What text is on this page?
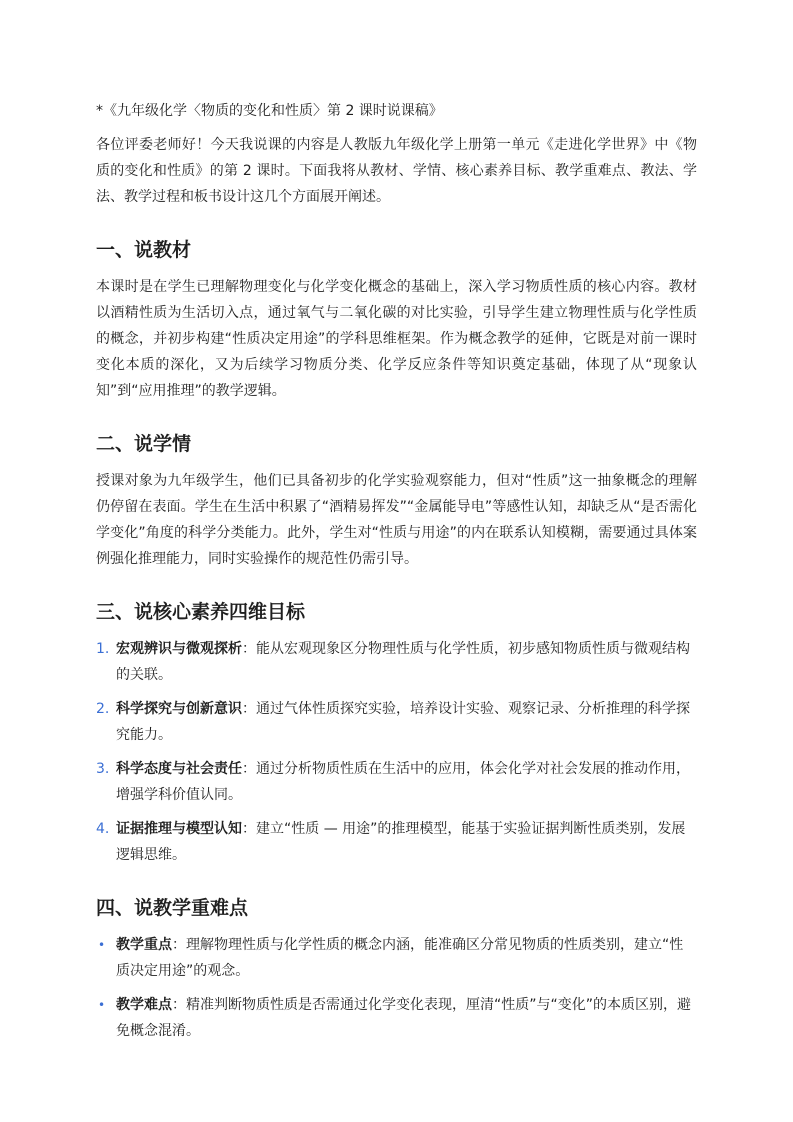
*《九年级化学〈物质的变化和性质〉第 2 课时说课稿》

各位评委老师好！今天我说课的内容是人教版九年级化学上册第一单元《走进化学世界》中《物质的变化和性质》的第 2 课时。下面我将从教材、学情、核心素养目标、教学重难点、教法、学法、教学过程和板书设计这几个方面展开阐述。

一、说教材

本课时是在学生已理解物理变化与化学变化概念的基础上，深入学习物质性质的核心内容。教材以酒精性质为生活切入点，通过氧气与二氧化碳的对比实验，引导学生建立物理性质与化学性质的概念，并初步构建“性质决定用途”的学科思维框架。作为概念教学的延伸，它既是对前一课时变化本质的深化，又为后续学习物质分类、化学反应条件等知识奠定基础，体现了从“现象认知”到“应用推理”的教学逻辑。

二、说学情

授课对象为九年级学生，他们已具备初步的化学实验观察能力，但对“性质”这一抽象概念的理解仍停留在表面。学生在生活中积累了“酒精易挥发”“金属能导电”等感性认知，却缺乏从“是否需化学变化”角度的科学分类能力。此外，学生对“性质与用途”的内在联系认知模糊，需要通过具体案例强化推理能力，同时实验操作的规范性仍需引导。

三、说核心素养四维目标
1. 宏观辨识与微观探析：能从宏观现象区分物理性质与化学性质，初步感知物质性质与微观结构的关联。
2. 科学探究与创新意识：通过气体性质探究实验，培养设计实验、观察记录、分析推理的科学探究能力。
3. 科学态度与社会责任：通过分析物质性质在生活中的应用，体会化学对社会发展的推动作用，增强学科价值认同。
4. 证据推理与模型认知：建立“性质 — 用途”的推理模型，能基于实验证据判断性质类别，发展逻辑思维。
四、说教学重难点
• 教学重点：理解物理性质与化学性质的概念内涵，能准确区分常见物质的性质类别，建立“性质决定用途”的观念。
• 教学难点：精准判断物质性质是否需通过化学变化表现，厘清“性质”与“变化”的本质区别，避免概念混淆。
